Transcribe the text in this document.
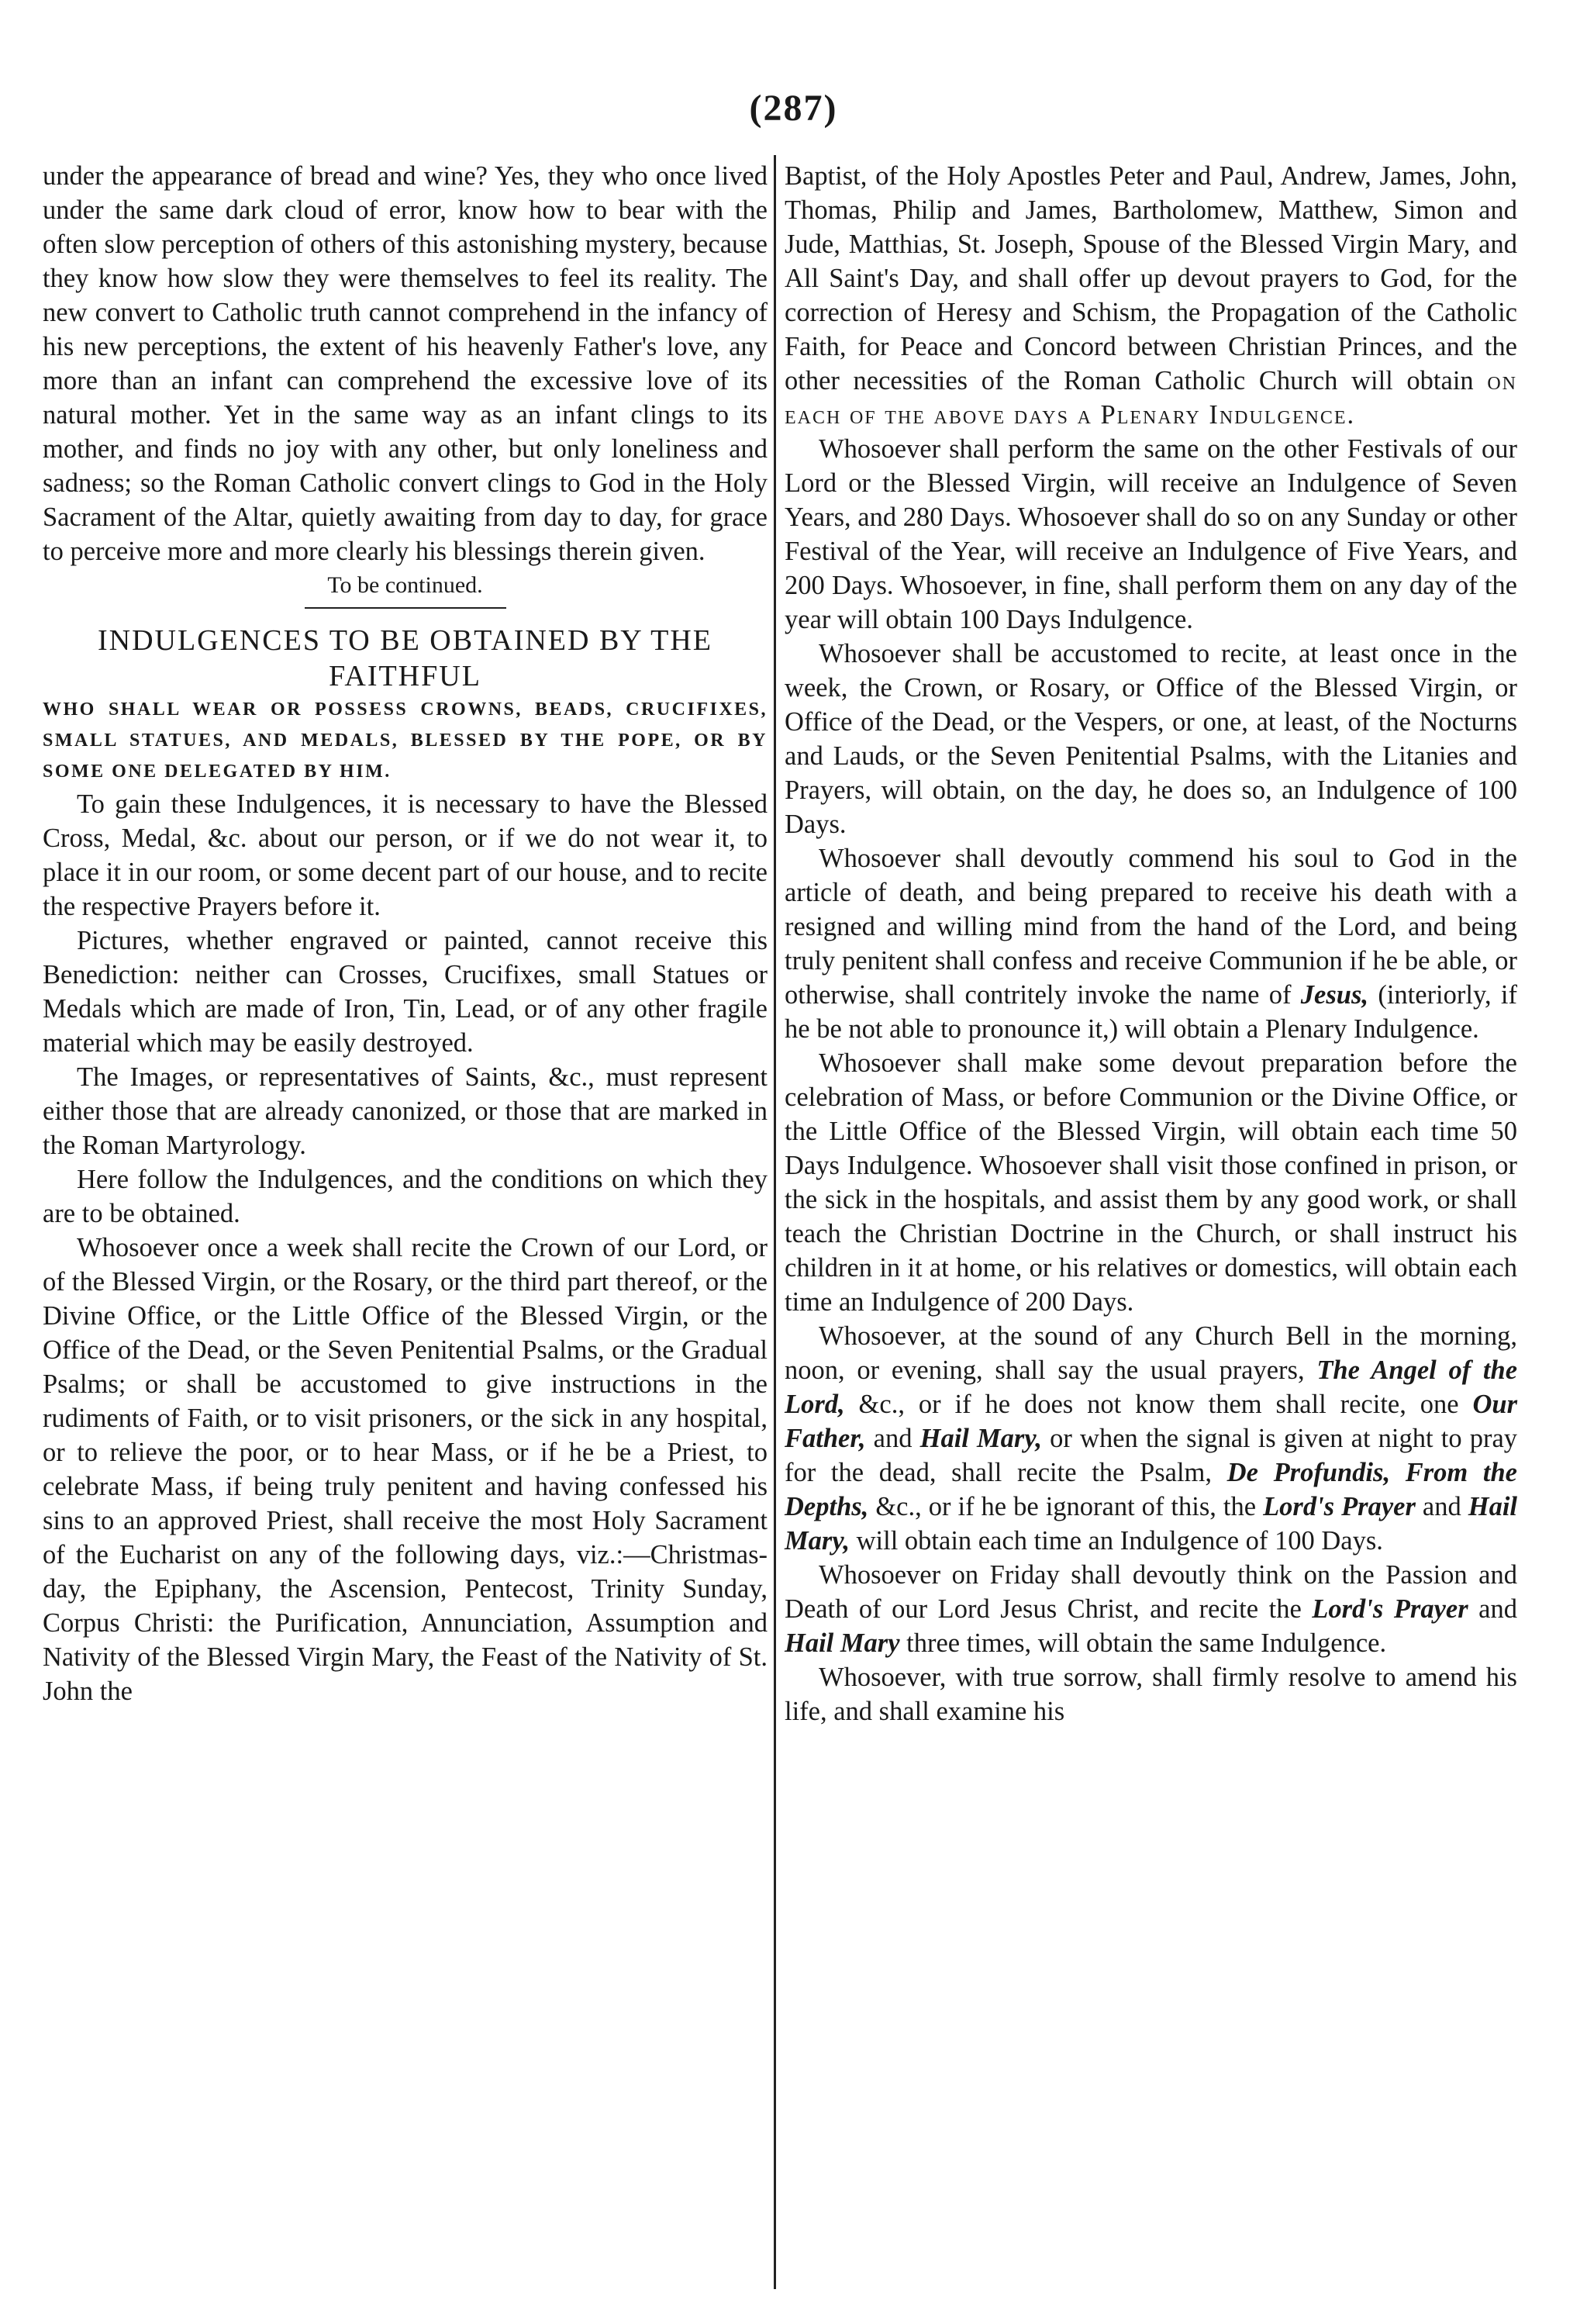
(287)

under the appearance of bread and wine? Yes, they who once lived under the same dark cloud of error, know how to bear with the often slow perception of others of this astonishing mystery, because they know how slow they were themselves to feel its reality. The new convert to Catholic truth cannot comprehend in the infancy of his new perceptions, the extent of his heavenly Father's love, any more than an infant can comprehend the excessive love of its natural mother. Yet in the same way as an infant clings to its mother, and finds no joy with any other, but only loneliness and sadness; so the Roman Catholic convert clings to God in the Holy Sacrament of the Altar, quietly awaiting from day to day, for grace to perceive more and more clearly his blessings therein given.

To be continued.

INDULGENCES TO BE OBTAINED BY THE FAITHFUL

WHO SHALL WEAR OR POSSESS CROWNS, BEADS, CRUCIFIXES, SMALL STATUES, AND MEDALS, BLESSED BY THE POPE, OR BY SOME ONE DELEGATED BY HIM.

To gain these Indulgences, it is necessary to have the Blessed Cross, Medal, &c. about our person, or if we do not wear it, to place it in our room, or some decent part of our house, and to recite the respective Prayers before it.

Pictures, whether engraved or painted, cannot receive this Benediction: neither can Crosses, Crucifixes, small Statues or Medals which are made of Iron, Tin, Lead, or of any other fragile material which may be easily destroyed.

The Images, or representatives of Saints, &c., must represent either those that are already canonized, or those that are marked in the Roman Martyrology.

Here follow the Indulgences, and the conditions on which they are to be obtained.

Whosoever once a week shall recite the Crown of our Lord, or of the Blessed Virgin, or the Rosary, or the third part thereof, or the Divine Office, or the Little Office of the Blessed Virgin, or the Office of the Dead, or the Seven Penitential Psalms, or the Gradual Psalms; or shall be accustomed to give instructions in the rudiments of Faith, or to visit prisoners, or the sick in any hospital, or to relieve the poor, or to hear Mass, or if he be a Priest, to celebrate Mass, if being truly penitent and having confessed his sins to an approved Priest, shall receive the most Holy Sacrament of the Eucharist on any of the following days, viz.:—Christmas-day, the Epiphany, the Ascension, Pentecost, Trinity Sunday, Corpus Christi: the Purification, Annunciation, Assumption and Nativity of the Blessed Virgin Mary, the Feast of the Nativity of St. John the

Baptist, of the Holy Apostles Peter and Paul, Andrew, James, John, Thomas, Philip and James, Bartholomew, Matthew, Simon and Jude, Matthias, St. Joseph, Spouse of the Blessed Virgin Mary, and All Saint's Day, and shall offer up devout prayers to God, for the correction of Heresy and Schism, the Propagation of the Catholic Faith, for Peace and Concord between Christian Princes, and the other necessities of the Roman Catholic Church will obtain on each of the above days a Plenary Indulgence.

Whosoever shall perform the same on the other Festivals of our Lord or the Blessed Virgin, will receive an Indulgence of Seven Years, and 280 Days. Whosoever shall do so on any Sunday or other Festival of the Year, will receive an Indulgence of Five Years, and 200 Days. Whosoever, in fine, shall perform them on any day of the year will obtain 100 Days Indulgence.

Whosoever shall be accustomed to recite, at least once in the week, the Crown, or Rosary, or Office of the Blessed Virgin, or Office of the Dead, or the Vespers, or one, at least, of the Nocturns and Lauds, or the Seven Penitential Psalms, with the Litanies and Prayers, will obtain, on the day, he does so, an Indulgence of 100 Days.

Whosoever shall devoutly commend his soul to God in the article of death, and being prepared to receive his death with a resigned and willing mind from the hand of the Lord, and being truly penitent shall confess and receive Communion if he be able, or otherwise, shall contritely invoke the name of Jesus, (interiorly, if he be not able to pronounce it,) will obtain a Plenary Indulgence.

Whosoever shall make some devout preparation before the celebration of Mass, or before Communion or the Divine Office, or the Little Office of the Blessed Virgin, will obtain each time 50 Days Indulgence. Whosoever shall visit those confined in prison, or the sick in the hospitals, and assist them by any good work, or shall teach the Christian Doctrine in the Church, or shall instruct his children in it at home, or his relatives or domestics, will obtain each time an Indulgence of 200 Days.

Whosoever, at the sound of any Church Bell in the morning, noon, or evening, shall say the usual prayers, The Angel of the Lord, &c., or if he does not know them shall recite, one Our Father, and Hail Mary, or when the signal is given at night to pray for the dead, shall recite the Psalm, De Profundis, From the Depths, &c., or if he be ignorant of this, the Lord's Prayer and Hail Mary, will obtain each time an Indulgence of 100 Days.

Whosoever on Friday shall devoutly think on the Passion and Death of our Lord Jesus Christ, and recite the Lord's Prayer and Hail Mary three times, will obtain the same Indulgence.

Whosoever, with true sorrow, shall firmly resolve to amend his life, and shall examine his
